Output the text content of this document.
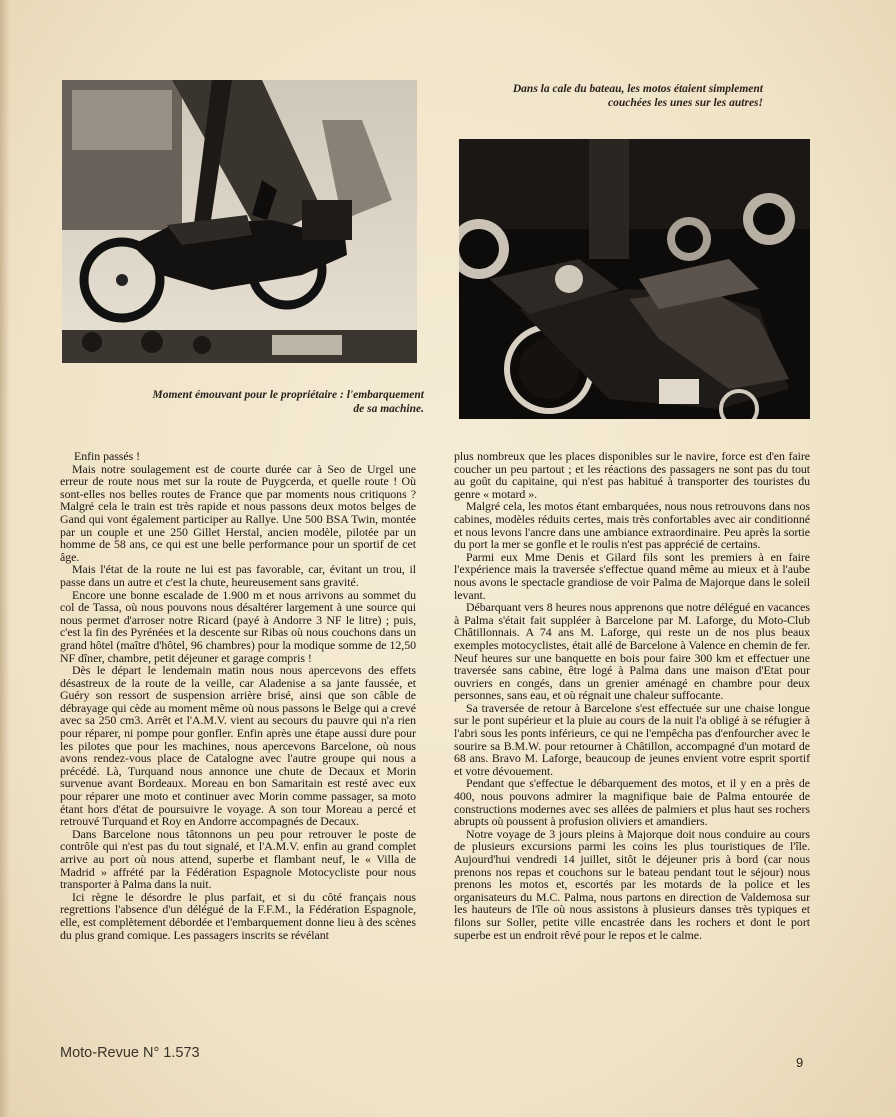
Moment émouvant pour le propriétaire : l'embarquement de sa machine.
Dans la cale du bateau, les motos étaient simplement couchées les unes sur les autres!

Enfin passés !

Mais notre soulagement est de courte durée car à Seo de Urgel une erreur de route nous met sur la route de Puygcerda, et quelle route ! Où sont-elles nos belles routes de France que par moments nous critiquons ? Malgré cela le train est très rapide et nous passons deux motos belges de Gand qui vont également participer au Rallye. Une 500 BSA Twin, montée par un couple et une 250 Gillet Herstal, ancien modèle, pilotée par un homme de 58 ans, ce qui est une belle performance pour un sportif de cet âge.

Mais l'état de la route ne lui est pas favorable, car, évitant un trou, il passe dans un autre et c'est la chute, heureusement sans gravité.

Encore une bonne escalade de 1.900 m et nous arrivons au sommet du col de Tassa, où nous pouvons nous désaltérer largement à une source qui nous permet d'arroser notre Ricard (payé à Andorre 3 NF le litre) ; puis, c'est la fin des Pyrénées et la descente sur Ribas où nous couchons dans un grand hôtel (maître d'hôtel, 96 chambres) pour la modique somme de 12,50 NF dîner, chambre, petit déjeuner et garage compris !

Dès le départ le lendemain matin nous nous apercevons des effets désastreux de la route de la veille, car Aladenise a sa jante faussée, et Guéry son ressort de suspension arrière brisé, ainsi que son câble de débrayage qui cède au moment même où nous passons le Belge qui a crevé avec sa 250 cm3. Arrêt et l'A.M.V. vient au secours du pauvre qui n'a rien pour réparer, ni pompe pour gonfler. Enfin après une étape aussi dure pour les pilotes que pour les machines, nous apercevons Barcelone, où nous avons rendez-vous place de Catalogne avec l'autre groupe qui nous a précédé. Là, Turquand nous annonce une chute de Decaux et Morin survenue avant Bordeaux. Moreau en bon Samaritain est resté avec eux pour réparer une moto et continuer avec Morin comme passager, sa moto étant hors d'état de poursuivre le voyage. A son tour Moreau a percé et retrouvé Turquand et Roy en Andorre accompagnés de Decaux.

Dans Barcelone nous tâtonnons un peu pour retrouver le poste de contrôle qui n'est pas du tout signalé, et l'A.M.V. enfin au grand complet arrive au port où nous attend, superbe et flambant neuf, le « Villa de Madrid » affrété par la Fédération Espagnole Motocycliste pour nous transporter à Palma dans la nuit.

Ici règne le désordre le plus parfait, et si du côté français nous regrettions l'absence d'un délégué de la F.F.M., la Fédération Espagnole, elle, est complètement débordée et l'embarquement donne lieu à des scènes du plus grand comique. Les passagers inscrits se révélant

plus nombreux que les places disponibles sur le navire, force est d'en faire coucher un peu partout ; et les réactions des passagers ne sont pas du tout au goût du capitaine, qui n'est pas habitué à transporter des touristes du genre « motard ».

Malgré cela, les motos étant embarquées, nous nous retrouvons dans nos cabines, modèles réduits certes, mais très confortables avec air conditionné et nous levons l'ancre dans une ambiance extraordinaire. Peu après la sortie du port la mer se gonfle et le roulis n'est pas apprécié de certains.

Parmi eux Mme Denis et Gilard fils sont les premiers à en faire l'expérience mais la traversée s'effectue quand même au mieux et à l'aube nous avons le spectacle grandiose de voir Palma de Majorque dans le soleil levant.

Débarquant vers 8 heures nous apprenons que notre délégué en vacances à Palma s'était fait suppléer à Barcelone par M. Laforge, du Moto-Club Châtillonnais. A 74 ans M. Laforge, qui reste un de nos plus beaux exemples motocyclistes, était allé de Barcelone à Valence en chemin de fer. Neuf heures sur une banquette en bois pour faire 300 km et effectuer une traversée sans cabine, être logé à Palma dans une maison d'Etat pour ouvriers en congés, dans un grenier aménagé en chambre pour deux personnes, sans eau, et où régnait une chaleur suffocante.

Sa traversée de retour à Barcelone s'est effectuée sur une chaise longue sur le pont supérieur et la pluie au cours de la nuit l'a obligé à se réfugier à l'abri sous les ponts inférieurs, ce qui ne l'empêcha pas d'enfourcher avec le sourire sa B.M.W. pour retourner à Châtillon, accompagné d'un motard de 68 ans. Bravo M. Laforge, beaucoup de jeunes envient votre esprit sportif et votre dévouement.

Pendant que s'effectue le débarquement des motos, et il y en a près de 400, nous pouvons admirer la magnifique baie de Palma entourée de constructions modernes avec ses allées de palmiers et plus haut ses rochers abrupts où poussent à profusion oliviers et amandiers.

Notre voyage de 3 jours pleins à Majorque doit nous conduire au cours de plusieurs excursions parmi les coins les plus touristiques de l'île. Aujourd'hui vendredi 14 juillet, sitôt le déjeuner pris à bord (car nous prenons nos repas et couchons sur le bateau pendant tout le séjour) nous prenons les motos et, escortés par les motards de la police et les organisateurs du M.C. Palma, nous partons en direction de Valdemosa sur les hauteurs de l'île où nous assistons à plusieurs danses très typiques et filons sur Soller, petite ville encastrée dans les rochers et dont le port superbe est un endroit rêvé pour le repos et le calme.

Moto-Revue N° 1.573
9
